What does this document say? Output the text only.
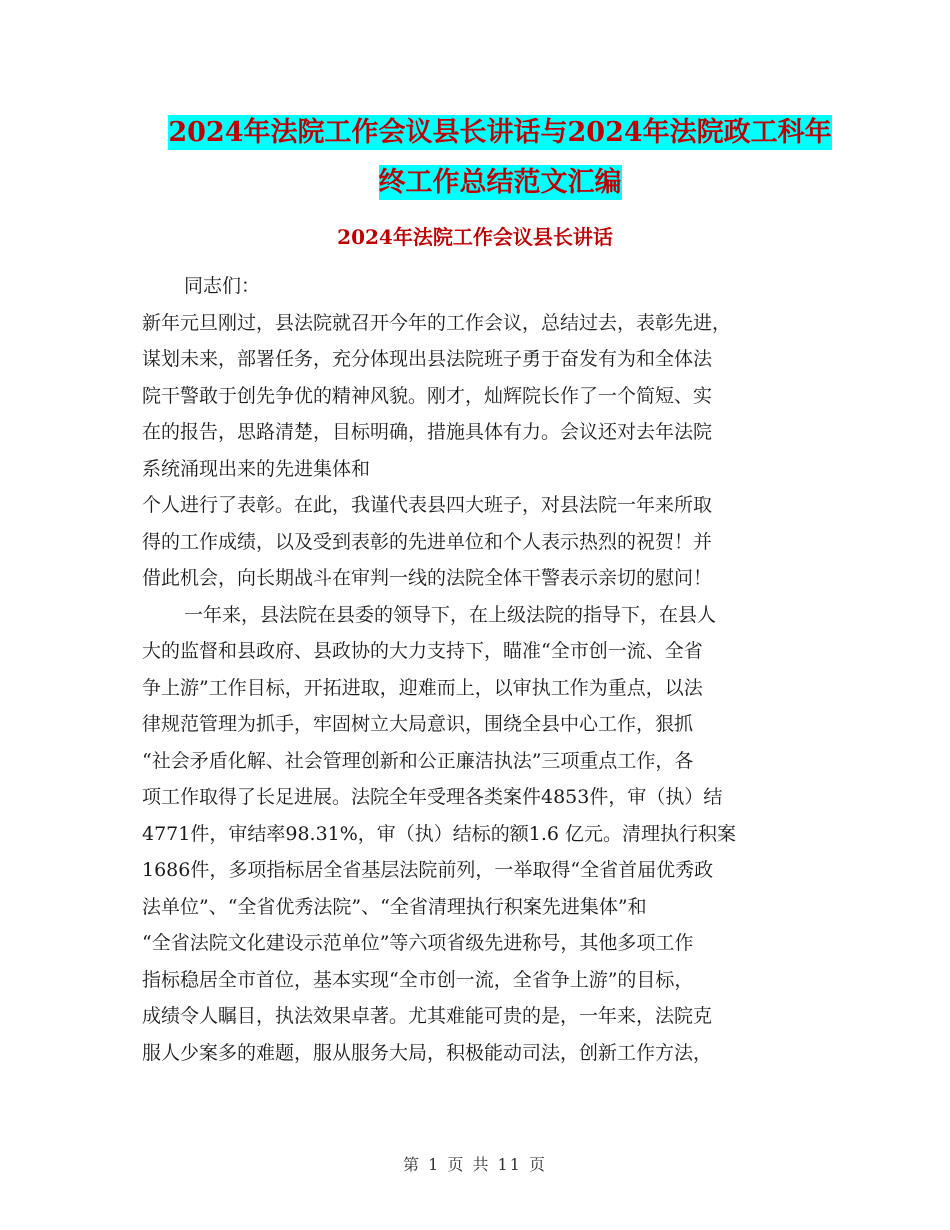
2024年法院工作会议县长讲话与2024年法院政工科年
终工作总结范文汇编
2024年法院工作会议县长讲话
同志们：
新年元旦刚过，县法院就召开今年的工作会议，总结过去，表彰先进，
谋划未来，部署任务，充分体现出县法院班子勇于奋发有为和全体法
院干警敢于创先争优的精神风貌。刚才，灿辉院长作了一个简短、实
在的报告，思路清楚，目标明确，措施具体有力。会议还对去年法院
系统涌现出来的先进集体和
个人进行了表彰。在此，我谨代表县四大班子，对县法院一年来所取
得的工作成绩，以及受到表彰的先进单位和个人表示热烈的祝贺！并
借此机会，向长期战斗在审判一线的法院全体干警表示亲切的慰问！
一年来，县法院在县委的领导下，在上级法院的指导下，在县人
大的监督和县政府、县政协的大力支持下，瞄准“全市创一流、全省
争上游”工作目标，开拓进取，迎难而上，以审执工作为重点，以法
律规范管理为抓手，牢固树立大局意识，围绕全县中心工作，狠抓
“社会矛盾化解、社会管理创新和公正廉洁执法”三项重点工作，各
项工作取得了长足进展。法院全年受理各类案件4853件，审（执）结
4771件，审结率98.31%，审（执）结标的额1.6 亿元。清理执行积案
1686件，多项指标居全省基层法院前列，一举取得“全省首届优秀政
法单位”、“全省优秀法院”、“全省清理执行积案先进集体”和
“全省法院文化建设示范单位”等六项省级先进称号，其他多项工作
指标稳居全市首位，基本实现“全市创一流，全省争上游”的目标，
成绩令人瞩目，执法效果卓著。尤其难能可贵的是，一年来，法院克
服人少案多的难题，服从服务大局，积极能动司法，创新工作方法，
第 1 页 共 11 页
